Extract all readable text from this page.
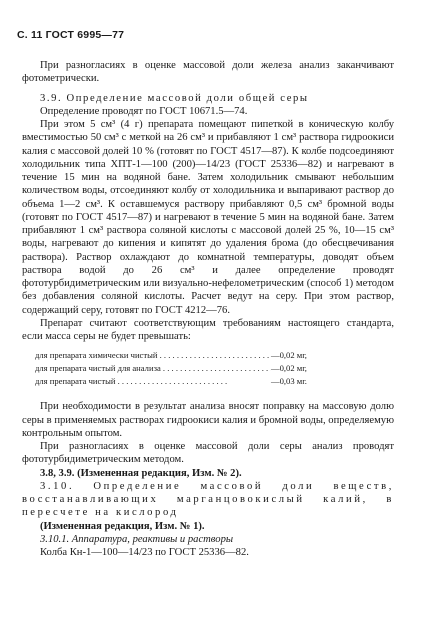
С. 11 ГОСТ 6995—77

При разногласиях в оценке массовой доли железа анализ заканчивают фотометрически.

3.9. Определение массовой доли общей серы

Определение проводят по ГОСТ 10671.5—74.

При этом 5 см³ (4 г) препарата помещают пипеткой в коническую колбу вместимостью 50 см³ с меткой на 26 см³ и прибавляют 1 см³ раствора гидроокиси калия с массовой долей 10 % (готовят по ГОСТ 4517—87). К колбе подсоединяют холодильник типа ХПТ-1—100 (200)—14/23 (ГОСТ 25336—82) и нагревают в течение 15 мин на водяной бане. Затем холодильник смывают небольшим количеством воды, отсоединяют колбу от холодильника и выпаривают раствор до объема 1—2 см³. К оставшемуся раствору прибавляют 0,5 см³ бромной воды (готовят по ГОСТ 4517—87) и нагревают в течение 5 мин на водяной бане. Затем прибавляют 1 см³ раствора соляной кислоты с массовой долей 25 %, 10—15 см³ воды, нагревают до кипения и кипятят до удаления брома (до обесцвечивания раствора). Раствор охлаждают до комнатной температуры, доводят объем раствора водой до 26 см³ и далее определение проводят фототурбидиметрическим или визуально-нефелометрическим (способ 1) методом без добавления соляной кислоты. Расчет ведут на серу. При этом раствор, содержащий серу, готовят по ГОСТ 4212—76.

Препарат считают соответствующим требованиям настоящего стандарта, если масса серы не будет превышать:

для препарата химически чистый . . .	—0,02 мг,
для препарата чистый для анализа . . .	—0,02 мг,
для препарата чистый . . .	—0,03 мг.

При необходимости в результат анализа вносят поправку на массовую долю серы в применяемых растворах гидроокиси калия и бромной воды, определяемую контрольным опытом.

При разногласиях в оценке массовой доли серы анализ проводят фототурбидиметрическим методом.

3.8, 3.9. (Измененная редакция, Изм. № 2).

3.10. Определение массовой доли веществ, восстанавливающих марганцовокислый калий, в пересчете на кислород

(Измененная редакция, Изм. № 1).

3.10.1. Аппаратура, реактивы и растворы

Колба Кн-1—100—14/23 по ГОСТ 25336—82.
